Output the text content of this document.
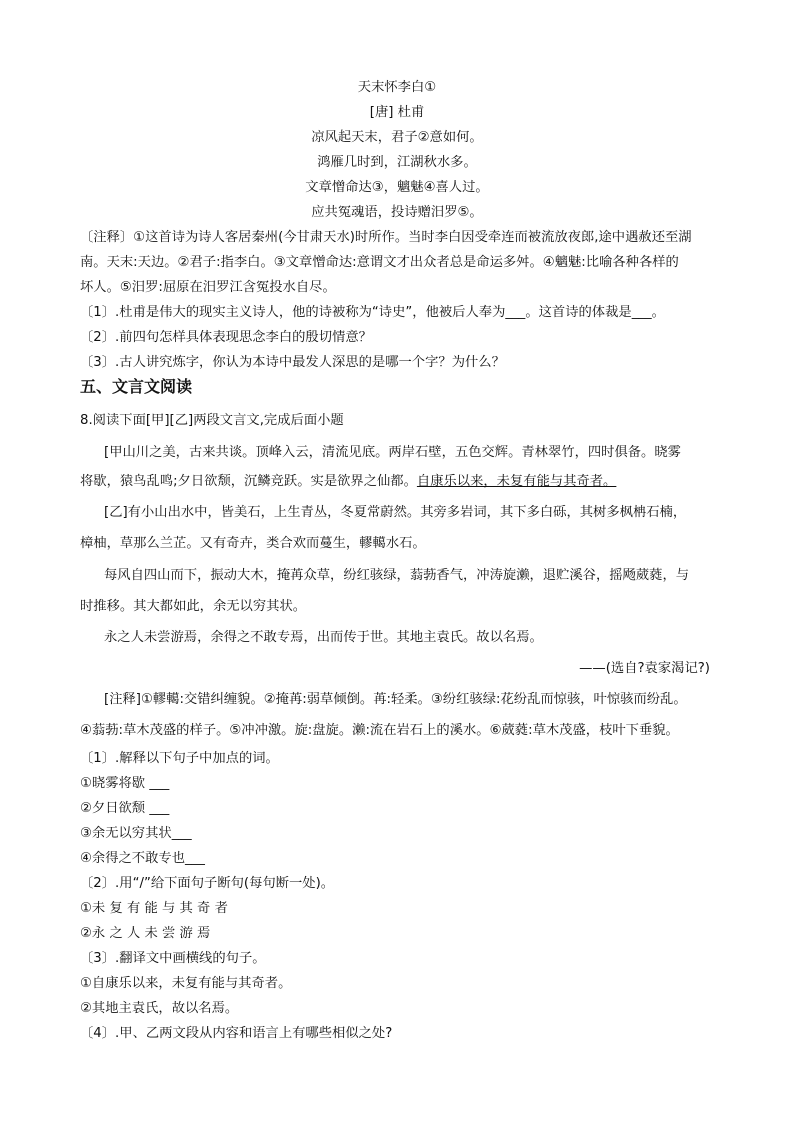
天末怀李白①
[唐] 杜甫
凉风起天末，君子②意如何。
鸿雁几时到，江湖秋水多。
文章憎命达③，魑魅④喜人过。
应共冤魂语，投诗赠汨罗⑤。
〔注释〕①这首诗为诗人客居秦州(今甘肃天水)时所作。当时李白因受牵连而被流放夜郎,途中遇赦还至湖
南。天末:天边。②君子:指李白。③文章憎命达:意谓文才出众者总是命运多舛。④魑魅:比喻各种各样的
坏人。⑤汨罗:屈原在汨罗江含冤投水自尽。
〔1〕.杜甫是伟大的现实主义诗人，他的诗被称为“诗史”，他被后人奉为___。这首诗的体裁是___。
〔2〕.前四句怎样具体表现思念李白的殷切情意？
〔3〕.古人讲究炼字，你认为本诗中最发人深思的是哪一个字？为什么？
五、文言文阅读
8.阅读下面[甲][乙]两段文言文,完成后面小题
[甲山川之美，古来共谈。顶峰入云，清流见底。两岸石壁，五色交辉。青林翠竹，四时俱备。晓雾
将歇，猿鸟乱鸣;夕日欲颓，沉鳞竞跃。实是欲界之仙都。自康乐以来，未复有能与其奇者。
[乙]有小山出水中，皆美石，上生青丛，冬夏常蔚然。其旁多岩词，其下多白砾，其树多枫柟石楠，
樟柚，草那么兰芷。又有奇卉，类合欢而蔓生，轇轕水石。
每风自四山而下，振动大木，掩苒众草，纷红骇绿，蓊葧香气，冲涛旋濑，退贮溪谷，摇飏葳蕤，与
时推移。其大都如此，余无以穷其状。
永之人未尝游焉，余得之不敢专焉，出而传于世。其地主袁氏。故以名焉。
——(选自?袁家渴记?)
[注释]①轇轕:交错纠缠貌。②掩苒:弱草倾倒。苒:轻柔。③纷红骇绿:花纷乱而惊骇，叶惊骇而纷乱。
④蓊葧:草木茂盛的样子。⑤冲冲激。旋:盘旋。濑:流在岩石上的溪水。⑥葳蕤:草木茂盛，枝叶下垂貌。
〔1〕.解释以下句子中加点的词。
①晓雾将歇 ___
②夕日欲颓 ___
③余无以穷其状___
④余得之不敢专也___
〔2〕.用“/”给下面句子断句(每句断一处)。
①未 复 有 能 与 其 奇 者
②永 之 人 未 尝 游 焉
〔3〕.翻译文中画横线的句子。
①自康乐以来，未复有能与其奇者。
②其地主袁氏，故以名焉。
〔4〕.甲、乙两文段从内容和语言上有哪些相似之处?
